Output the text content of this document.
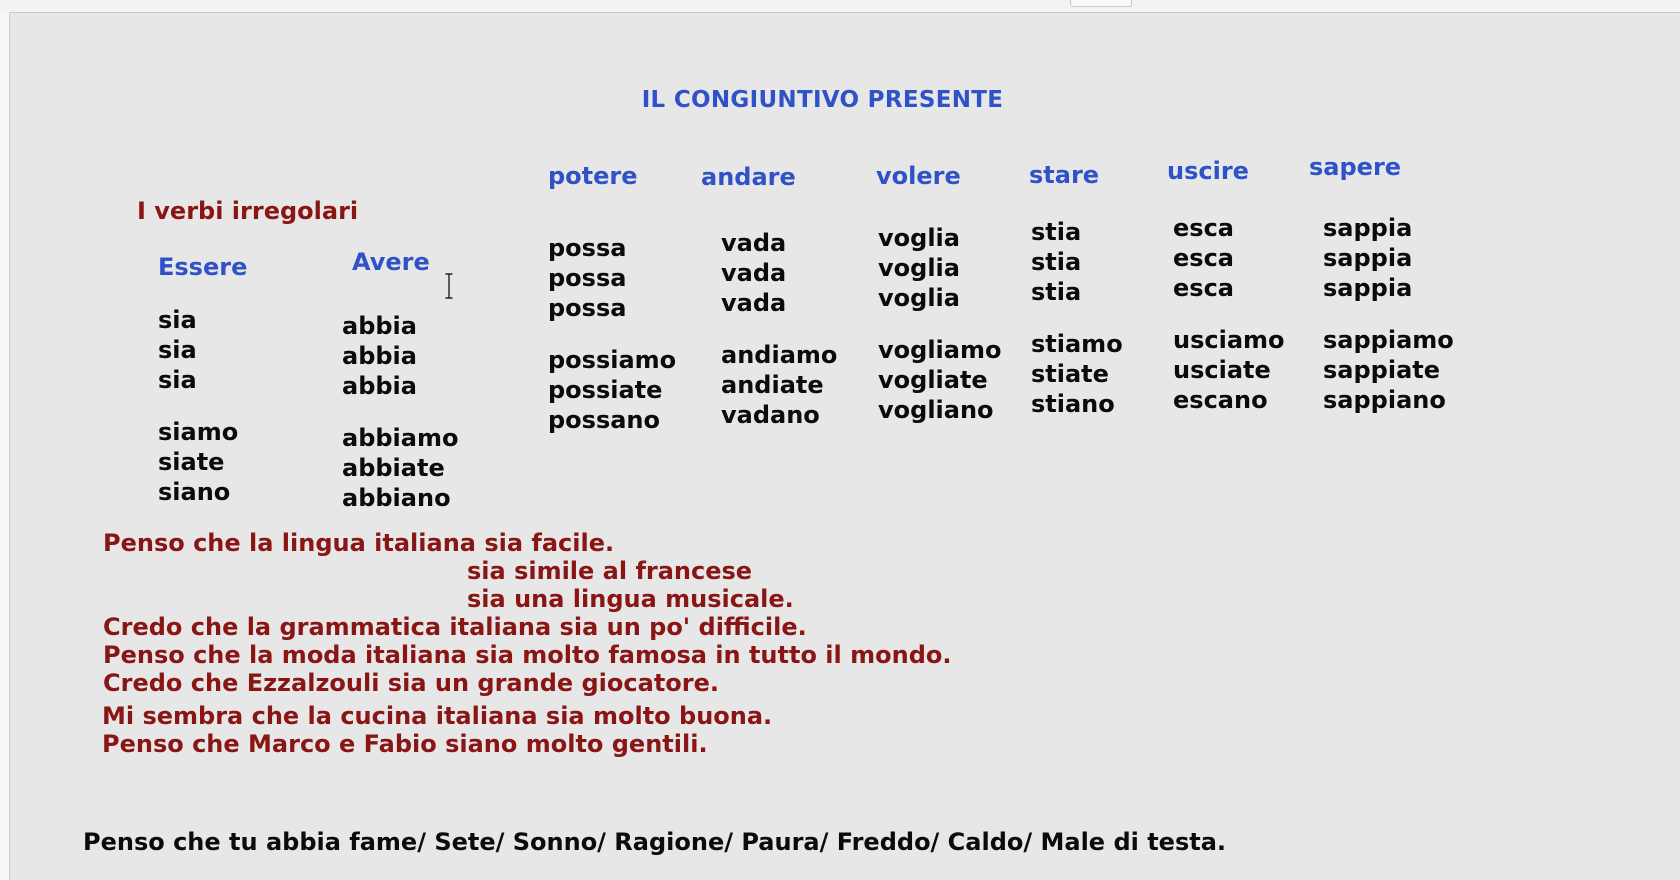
IL CONGIUNTIVO PRESENTE
I verbi irregolari
Essere
sia
sia
sia
siamo
siate
siano
Avere
abbia
abbia
abbia
abbiamo
abbiate
abbiano
potere
possa
possa
possa
possiamo
possiate
possano
andare
vada
vada
vada
andiamo
andiate
vadano
volere
voglia
voglia
voglia
vogliamo
vogliate
vogliano
stare
stia
stia
stia
stiamo
stiate
stiano
uscire
esca
esca
esca
usciamo
usciate
escano
sapere
sappia
sappia
sappia
sappiamo
sappiate
sappiano
Penso che la lingua italiana sia facile.
sia simile al francese
sia una lingua musicale.
Credo che la grammatica italiana sia un po' difficile.
Penso che la moda italiana sia molto famosa in tutto il mondo.
Credo che Ezzalzouli sia un grande giocatore.
Mi sembra che la cucina italiana sia molto buona.
Penso che Marco e Fabio siano molto gentili.
Penso che tu abbia fame/ Sete/ Sonno/ Ragione/ Paura/ Freddo/ Caldo/ Male di testa.
